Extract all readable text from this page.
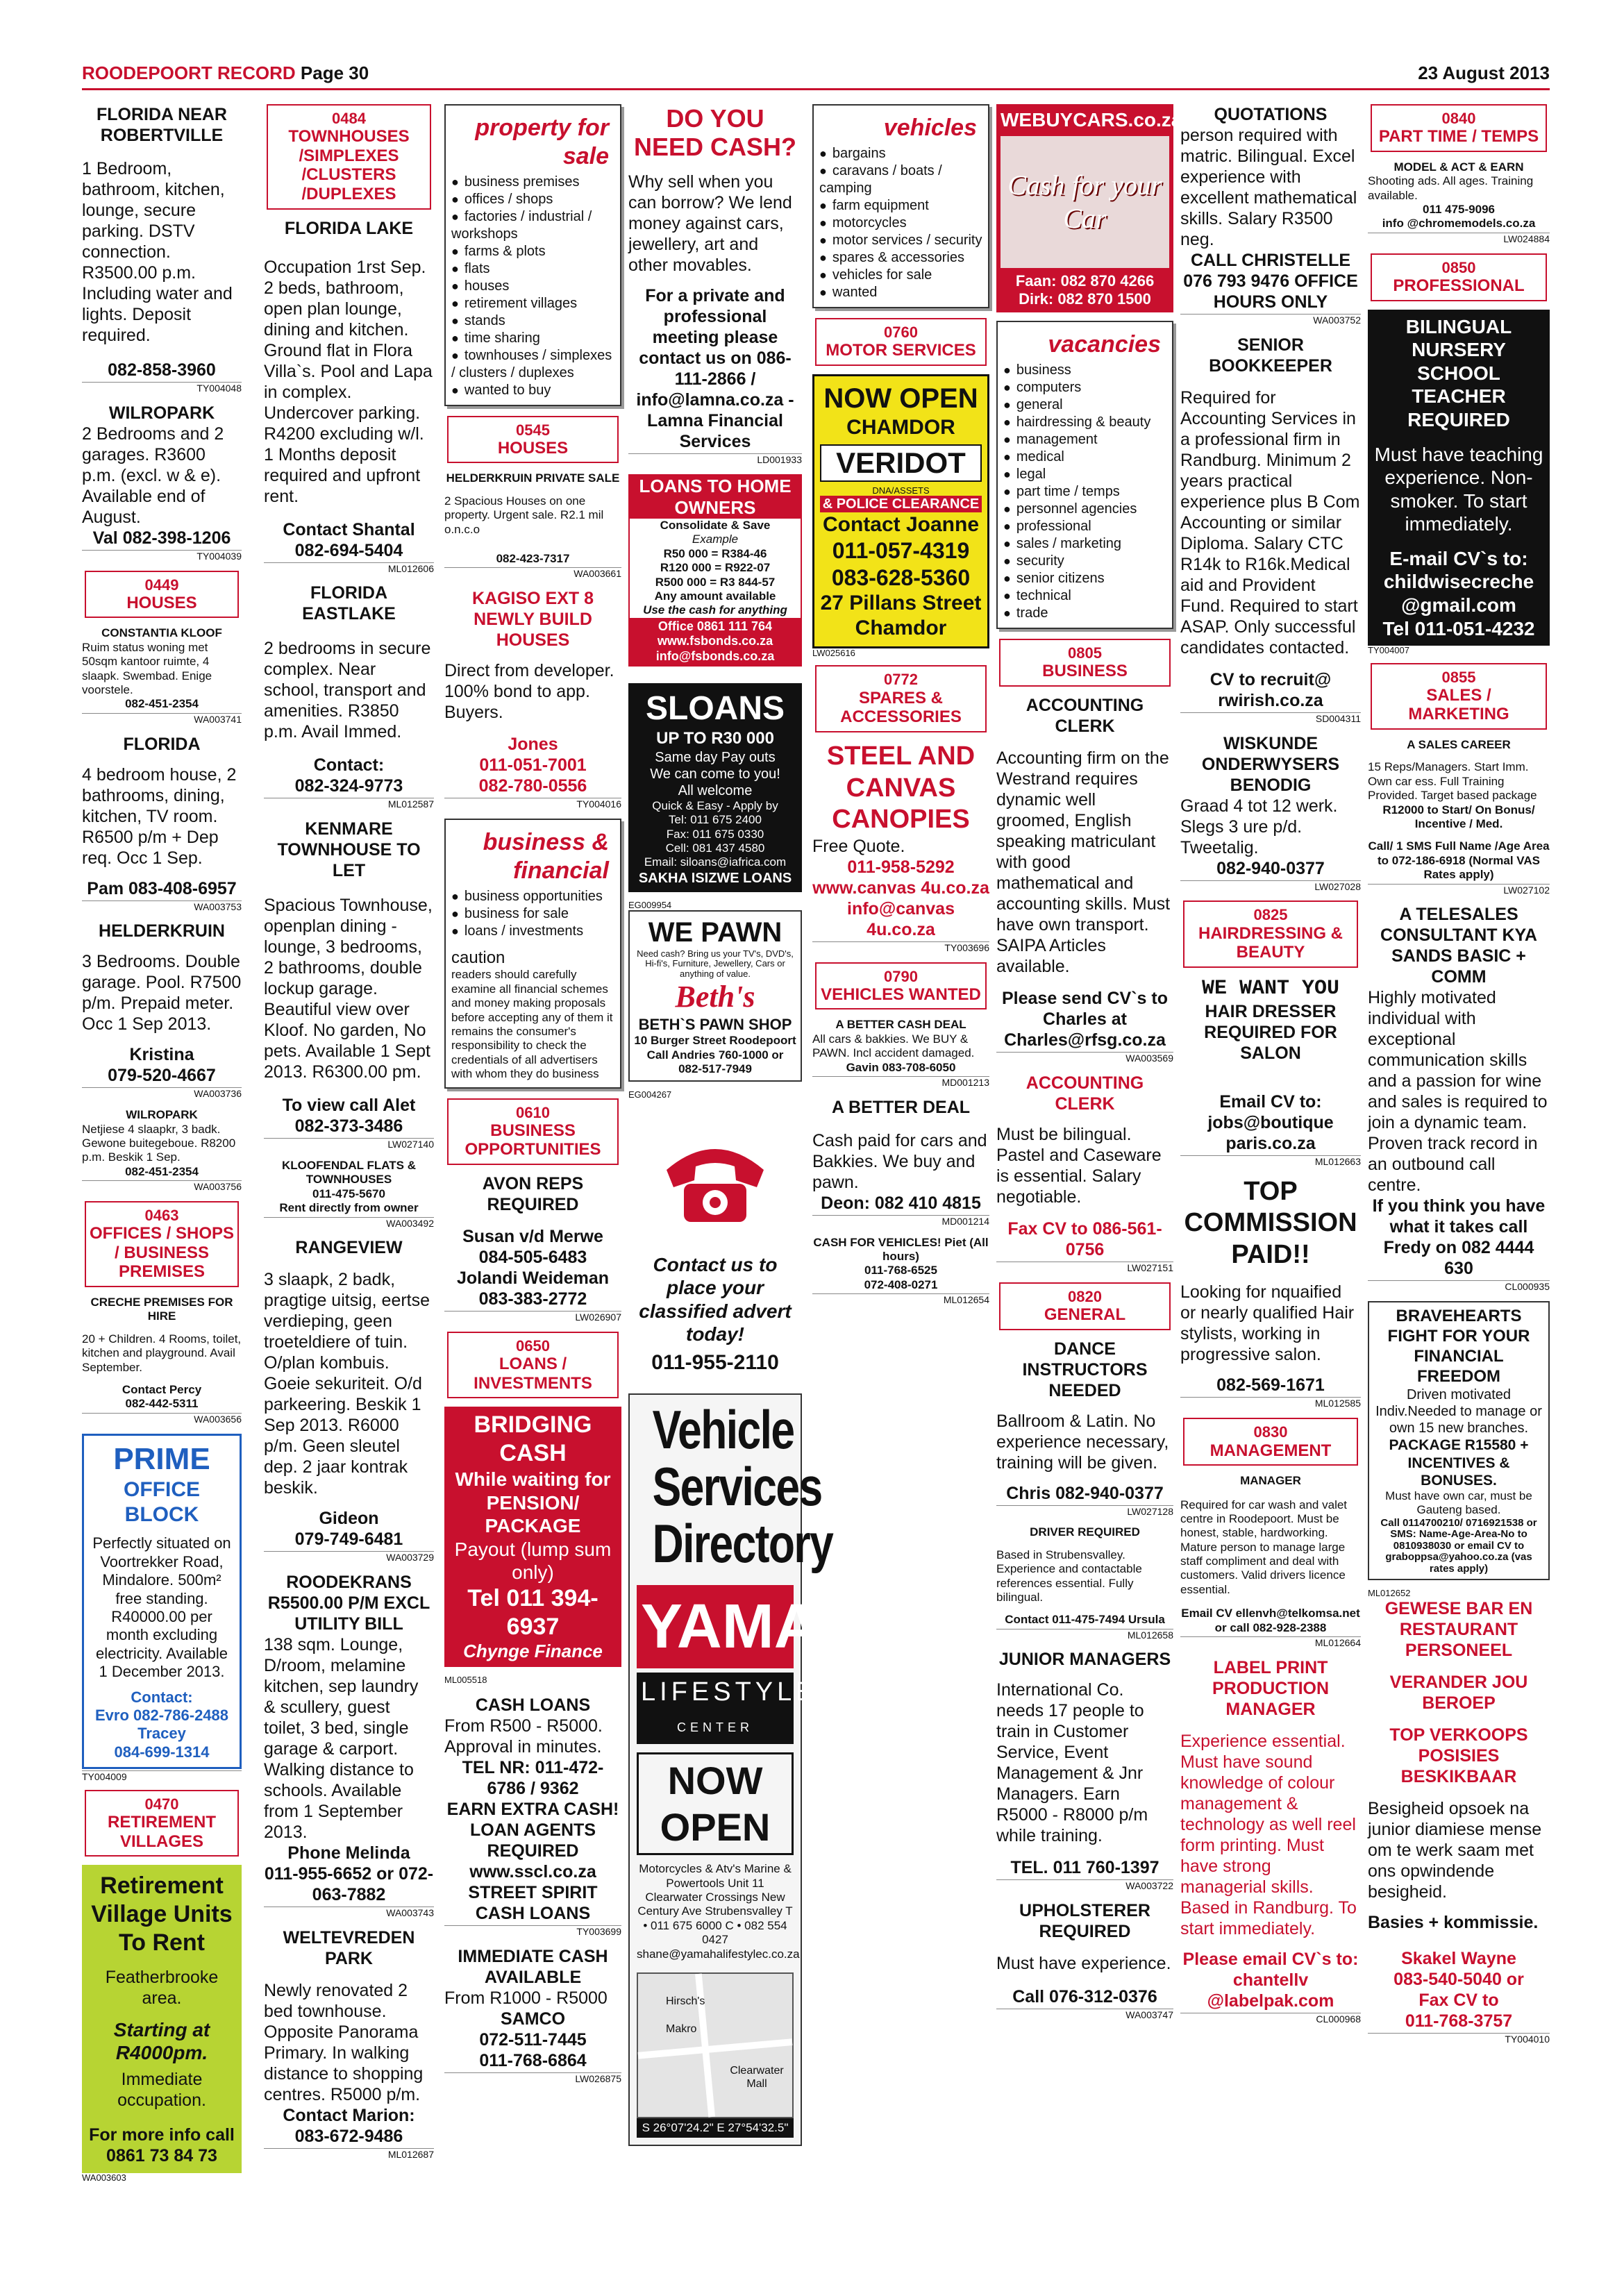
ROODEPOORT RECORD Page 30	23 August 2013
FLORIDA NEAR ROBERTVILLE

1 Bedroom, bathroom, kitchen, lounge, secure parking. DSTV connection. R3500.00 p.m. Including water and lights. Deposit required.

082-858-3960
TY004048
WILROPARK

2 Bedrooms and 2 garages. R3600 p.m. (excl. w & e). Available end of August.

Val 082-398-1206
TY004039
0449
HOUSES
CONSTANTIA KLOOF

Ruim status woning met 50sqm kantoor ruimte, 4 slaapk. Swembad. Enige voorstele.

082-451-2354
WA003741
FLORIDA

4 bedroom house, 2 bathrooms, dining, kitchen, TV room. R6500 p/m + Dep req. Occ 1 Sep.

Pam 083-408-6957
WA003753
HELDERKRUIN

3 Bedrooms. Double garage. Pool. R7500 p/m. Prepaid meter. Occ 1 Sep 2013.

Kristina
079-520-4667
WA003736
WILROPARK

Netjiese 4 slaapkr, 3 badk. Gewone buitegeboue. R8200 p.m. Beskik 1 Sep.

082-451-2354
WA003756
0463
OFFICES / SHOPS / BUSINESS PREMISES
CRECHE PREMISES FOR HIRE

20 + Children. 4 Rooms, toilet, kitchen and playground. Avail September.

Contact Percy
082-442-5311
WA003656
PRIME
OFFICE BLOCK

Perfectly situated on Voortrekker Road, Mindalore. 500m² free standing. R40000.00 per month excluding electricity. Available 1 December 2013.

Contact:
Evro 082-786-2488
Tracey
084-699-1314
TY004009
0470
RETIREMENT VILLAGES
Retirement Village Units To Rent
Featherbrooke area.
Starting at R4000pm.
Immediate occupation.
For more info call 0861 73 84 73
WA003603
0484
TOWNHOUSES /SIMPLEXES /CLUSTERS /DUPLEXES
FLORIDA LAKE

Occupation 1rst Sep. 2 beds, bathroom, open plan lounge, dining and kitchen. Ground flat in Flora Villa`s. Pool and Lapa in complex. Undercover parking. R4200 excluding w/l. 1 Months deposit required and upfront rent.

Contact Shantal
082-694-5404
ML012606
FLORIDA EASTLAKE

2 bedrooms in secure complex. Near school, transport and amenities. R3850 p.m. Avail Immed.

Contact:
082-324-9773
ML012587
KENMARE TOWNHOUSE TO LET

Spacious Townhouse, openplan dining - lounge, 3 bedrooms, 2 bathrooms, double lockup garage. Beautiful view over Kloof. No garden, No pets. Available 1 Sept 2013. R6300.00 pm.

To view call Alet
082-373-3486
LW027140
KLOOFENDAL FLATS & TOWNHOUSES
011-475-5670
Rent directly from owner
WA003492
RANGEVIEW

3 slaapk, 2 badk, pragtige uitsig, eertse verdieping, geen troeteldiere of tuin. O/plan kombuis. Goeie sekuriteit. O/d parkeering. Beskik 1 Sep 2013. R6000 p/m. Geen sleutel dep. 2 jaar kontrak beskik.

Gideon
079-749-6481
WA003729
ROODEKRANS R5500.00 P/M EXCL UTILITY BILL

138 sqm. Lounge, D/room, melamine kitchen, sep laundry & scullery, guest toilet, 3 bed, single garage & carport. Walking distance to schools. Available from 1 September 2013.

Phone Melinda
011-955-6652 or 072-063-7882
WA003743
WELTEVREDEN PARK

Newly renovated 2 bed townhouse. Opposite Panorama Primary. In walking distance to shopping centres. R5000 p/m.

Contact Marion:
083-672-9486
ML012687
property for sale
● business premises
● offices / shops
● factories / industrial / workshops
● farms & plots
● flats
● houses
● retirement villages
● stands
● time sharing
● townhouses / simplexes / clusters / duplexes
● wanted to buy
0545
HOUSES
HELDERKRUIN PRIVATE SALE

2 Spacious Houses on one property. Urgent sale. R2.1 mil o.n.c.o

082-423-7317
WA003661
KAGISO EXT 8 NEWLY BUILD HOUSES

Direct from developer. 100% bond to app. Buyers.

Jones
011-051-7001
082-780-0556
TY004016
business & financial
● business opportunities
● business for sale
● loans / investments
caution

readers should carefully examine all financial schemes and money making proposals before accepting any of them it remains the consumer's responsibility to check the credentials of all advertisers with whom they do business

0610
BUSINESS OPPORTUNITIES
AVON REPS REQUIRED
Susan v/d Merwe
084-505-6483
Jolandi Weideman
083-383-2772
LW026907
0650
LOANS / INVESTMENTS
BRIDGING CASH
While waiting for PENSION/ PACKAGE
Payout (lump sum only)
Tel 011 394-6937
Chynge Finance
ML005518
CASH LOANS

From R500 - R5000. Approval in minutes.

TEL NR: 011-472-6786 / 9362
EARN EXTRA CASH!
LOAN AGENTS REQUIRED
www.sscl.co.za
STREET SPIRIT CASH LOANS
TY003699
IMMEDIATE CASH AVAILABLE

From R1000 - R5000

SAMCO
072-511-7445
011-768-6864
LW026875
DO YOU NEED CASH?

Why sell when you can borrow? We lend money against cars, jewellery, art and other movables.

For a private and professional meeting please contact us on 086-111-2866 / info@lamna.co.za - Lamna Financial Services
LD001933
LOANS TO HOME OWNERS
Consolidate & Save
Example
R50 000 = R384-46
R120 000 = R922-07
R500 000 = R3 844-57
Any amount available
Use the cash for anything
Office 0861 111 764
www.fsbonds.co.za
info@fsbonds.co.za
SLOANS
UP TO R30 000
Same day Pay outs
We can come to you!
All welcome
Quick & Easy - Apply by
Tel: 011 675 2400
Fax: 011 675 0330
Cell: 081 437 4580
Email: siloans@iafrica.com
SAKHA ISIZWE LOANS
EG009954
WE PAWN
Need cash? Bring us your TV's, DVD's, Hi-fi's, Furniture, Jewellery, Cars or anything of value.
Beth's
BETH`S PAWN SHOP
10 Burger Street Roodepoort
Call Andries 760-1000 or 082-517-7949
EG004267
Contact us to place your classified advert today!
011-955-2110
Vehicle Services Directory
YAMAHA
LIFESTYLE CENTER
NOW OPEN

Motorcycles & Atv's Marine & Powertools Unit 11 Clearwater Crossings New Century Ave Strubensvalley T • 011 675 6000 C • 082 554 0427 shane@yamahalifestylec.co.za

Hirsch's
Makro
Clearwater Mall
S 26°07'24.2" E 27°54'32.5"
vehicles
● bargains
● caravans / boats / camping
● farm equipment
● motorcycles
● motor services / security
● spares & accessories
● vehicles for sale
● wanted
0760
MOTOR SERVICES
NOW OPEN
CHAMDOR
VERIDOT
DNA/ASSETS
& POLICE CLEARANCE
Contact Joanne
011-057-4319
083-628-5360
27 Pillans Street
Chamdor
LW025616
0772
SPARES & ACCESSORIES
STEEL AND CANVAS CANOPIES

Free Quote.

011-958-5292
www.canvas 4u.co.za
info@canvas 4u.co.za
TY003696
0790
VEHICLES WANTED
A BETTER CASH DEAL

All cars & bakkies. We BUY & PAWN. Incl accident damaged.

Gavin 083-708-6050
MD001213
A BETTER DEAL

Cash paid for cars and Bakkies. We buy and pawn.

Deon: 082 410 4815
MD001214
CASH FOR VEHICLES! Piet (All hours)
011-768-6525
072-408-0271
ML012654
WEBUYCARS.co.za
Cash for your Car
Faan: 082 870 4266
Dirk: 082 870 1500
vacancies
● business
● computers
● general
● hairdressing & beauty
● management
● medical
● legal
● part time / temps
● personnel agencies
● professional
● sales / marketing
● security
● senior citizens
● technical
● trade
0805
BUSINESS
ACCOUNTING CLERK

Accounting firm on the Westrand requires dynamic well groomed, English speaking matriculant with good mathematical and accounting skills. Must have own transport. SAIPA Articles available.

Please send CV`s to Charles at Charles@rfsg.co.za
WA003569
ACCOUNTING CLERK

Must be bilingual. Pastel and Caseware is essential. Salary negotiable.

Fax CV to 086-561-0756
LW027151
0820
GENERAL
DANCE INSTRUCTORS NEEDED

Ballroom & Latin. No experience necessary, training will be given.

Chris 082-940-0377
LW027128
DRIVER REQUIRED

Based in Strubensvalley. Experience and contactable references essential. Fully bilingual.

Contact 011-475-7494 Ursula
ML012658
JUNIOR MANAGERS

International Co. needs 17 people to train in Customer Service, Event Management & Jnr Managers. Earn R5000 - R8000 p/m while training.

TEL. 011 760-1397
WA003722
UPHOLSTERER REQUIRED

Must have experience.

Call 076-312-0376
WA003747
QUOTATIONS

person required with matric. Bilingual. Excel experience with excellent mathematical skills. Salary R3500 neg.

CALL CHRISTELLE 076 793 9476 OFFICE HOURS ONLY
WA003752
SENIOR BOOKKEEPER

Required for Accounting Services in a professional firm in Randburg. Minimum 2 years practical experience plus B Com Accounting or similar Diploma. Salary CTC R14k to R16k.Medical aid and Provident Fund. Required to start ASAP. Only successful candidates contacted.

CV to recruit@ rwirish.co.za
SD004311
WISKUNDE ONDERWYSERS BENODIG

Graad 4 tot 12 werk. Slegs 3 ure p/d. Tweetalig.

082-940-0377
LW027028
0825
HAIRDRESSING & BEAUTY
WE WANT YOU
HAIR DRESSER REQUIRED FOR SALON
Email CV to: jobs@boutique paris.co.za
ML012663
TOP COMMISSION PAID!!

Looking for nquaified or nearly qualified Hair stylists, working in progressive salon.

082-569-1671
ML012585
0830
MANAGEMENT
MANAGER

Required for car wash and valet centre in Roodepoort. Must be honest, stable, hardworking. Mature person to manage large staff compliment and deal with customers. Valid drivers licence essential.

Email CV ellenvh@telkomsa.net or call 082-928-2388
ML012664
LABEL PRINT PRODUCTION MANAGER

Experience essential. Must have sound knowledge of colour management & technology as well reel form printing. Must have strong managerial skills. Based in Randburg. To start immediately.

Please email CV`s to: chantellv @labelpak.com
CL000968
0840
PART TIME / TEMPS
MODEL & ACT & EARN

Shooting ads. All ages. Training available.

011 475-9096
info @chromemodels.co.za
LW024884
0850
PROFESSIONAL
BILINGUAL NURSERY SCHOOL TEACHER REQUIRED
Must have teaching experience. Non-smoker. To start immediately.
E-mail CV`s to: childwisecreche @gmail.com
Tel 011-051-4232
TY004007
0855
SALES / MARKETING
A SALES CAREER

15 Reps/Managers. Start Imm. Own car ess. Full Training Provided. Target based package

R12000 to Start/ On Bonus/ Incentive / Med.
Call/ 1 SMS Full Name /Age Area to 072-186-6918 (Normal VAS Rates apply)
LW027102
A TELESALES CONSULTANT KYA SANDS BASIC + COMM

Highly motivated individual with exceptional communication skills and a passion for wine and sales is required to join a dynamic team. Proven track record in an outbound call centre.

If you think you have what it takes call Fredy on 082 4444 630
CL000935
BRAVEHEARTS FIGHT FOR YOUR FINANCIAL FREEDOM
Driven motivated Indiv.Needed to manage or own 15 new branches.
PACKAGE R15580 + INCENTIVES & BONUSES.
Must have own car, must be Gauteng based.
Call 0114700210/ 0716921538 or SMS: Name-Age-Area-No to 0810938030 or email CV to graboppsa@yahoo.co.za (vas rates apply)
ML012652
GEWESE BAR EN RESTAURANT PERSONEEL
VERANDER JOU BEROEP
TOP VERKOOPS POSISIES BESKIKBAAR

Besigheid opsoek na junior diamiese mense om te werk saam met ons opwindende besigheid.

Basies + kommissie.
Skakel Wayne
083-540-5040 or
Fax CV to
011-768-3757
TY004010
